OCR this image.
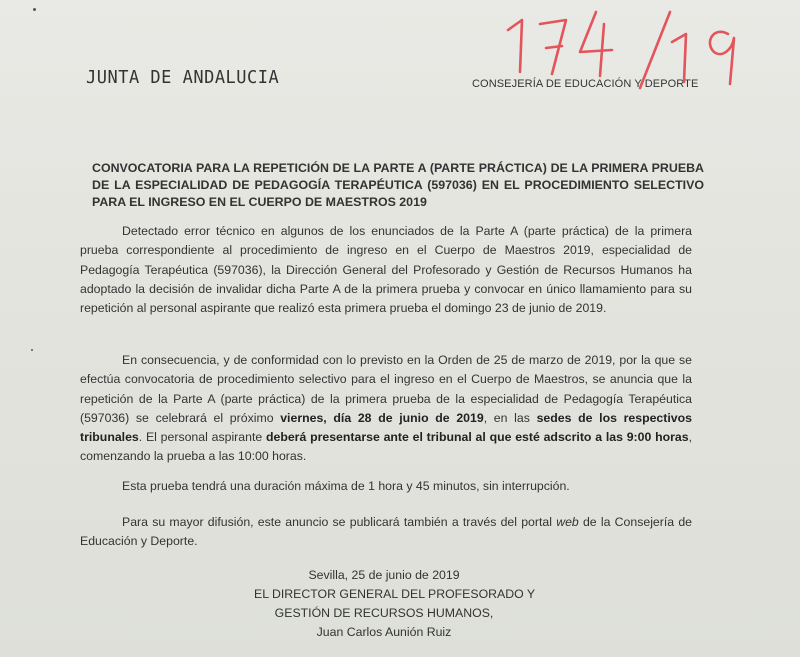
JUNTA DE ANDALUCIA	CONSEJERÍA DE EDUCACIÓN Y DEPORTE

CONVOCATORIA PARA LA REPETICIÓN DE LA PARTE A (PARTE PRÁCTICA) DE LA PRIMERA PRUEBA DE LA ESPECIALIDAD DE PEDAGOGÍA TERAPÉUTICA (597036) EN EL PROCEDIMIENTO SELECTIVO PARA EL INGRESO EN EL CUERPO DE MAESTROS 2019

Detectado error técnico en algunos de los enunciados de la Parte A (parte práctica) de la primera prueba correspondiente al procedimiento de ingreso en el Cuerpo de Maestros 2019, especialidad de Pedagogía Terapéutica (597036), la Dirección General del Profesorado y Gestión de Recursos Humanos ha adoptado la decisión de invalidar dicha Parte A de la primera prueba y convocar en único llamamiento para su repetición al personal aspirante que realizó esta primera prueba el domingo 23 de junio de 2019.

En consecuencia, y de conformidad con lo previsto en la Orden de 25 de marzo de 2019, por la que se efectúa convocatoria de procedimiento selectivo para el ingreso en el Cuerpo de Maestros, se anuncia que la repetición de la Parte A (parte práctica) de la primera prueba de la especialidad de Pedagogía Terapéutica (597036) se celebrará el próximo viernes, día 28 de junio de 2019, en las sedes de los respectivos tribunales. El personal aspirante deberá presentarse ante el tribunal al que esté adscrito a las 9:00 horas, comenzando la prueba a las 10:00 horas.

Esta prueba tendrá una duración máxima de 1 hora y 45 minutos, sin interrupción.

Para su mayor difusión, este anuncio se publicará también a través del portal web de la Consejería de Educación y Deporte.

Sevilla, 25 de junio de 2019
EL DIRECTOR GENERAL DEL PROFESORADO Y
GESTIÓN DE RECURSOS HUMANOS,
Juan Carlos Aunión Ruiz
